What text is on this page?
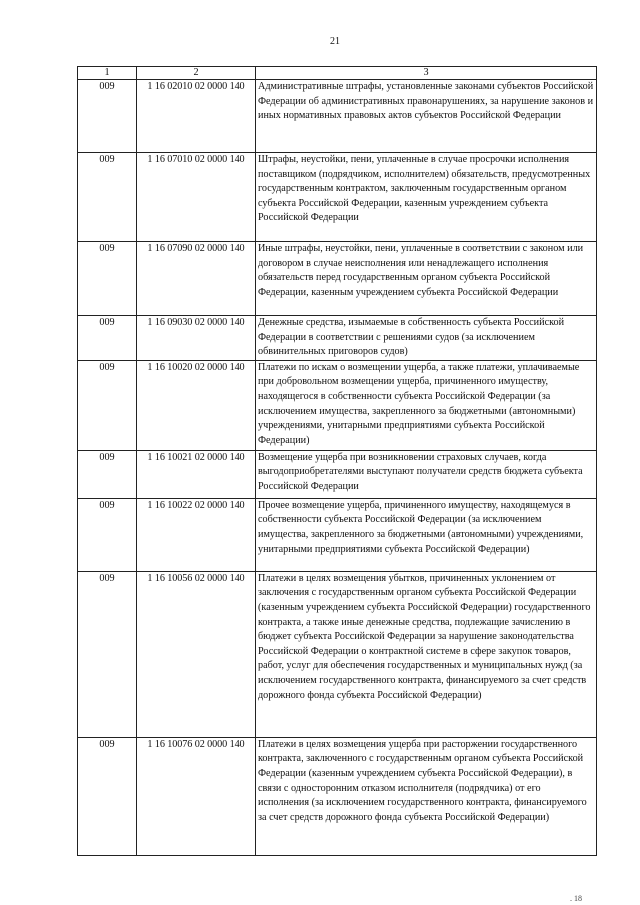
21
1	2	3
009	1 16 02010 02 0000 140	Административные штрафы, установленные законами субъектов Российской Федерации об административных правонарушениях, за нарушение законов и иных нормативных правовых актов субъектов Российской Федерации
009	1 16 07010 02 0000 140	Штрафы, неустойки, пени, уплаченные в случае просрочки исполнения поставщиком (подрядчиком, исполнителем) обязательств, предусмотренных государственным контрактом, заключенным государственным органом субъекта Российской Федерации, казенным учреждением субъекта Российской Федерации
009	1 16 07090 02 0000 140	Иные штрафы, неустойки, пени, уплаченные в соответствии с законом или договором в случае неисполнения или ненадлежащего исполнения обязательств перед государственным органом субъекта Российской Федерации, казенным учреждением субъекта Российской Федерации
009	1 16 09030 02 0000 140	Денежные средства, изымаемые в собственность субъекта Российской Федерации в соответствии с решениями судов (за исключением обвинительных приговоров судов)
009	1 16 10020 02 0000 140	Платежи по искам о возмещении ущерба, а также платежи, уплачиваемые при добровольном возмещении ущерба, причиненного имуществу, находящегося в собственности субъекта Российской Федерации (за исключением имущества, закрепленного за бюджетными (автономными) учреждениями, унитарными предприятиями субъекта Российской Федерации)
009	1 16 10021 02 0000 140	Возмещение ущерба при возникновении страховых случаев, когда выгодоприобретателями выступают получатели средств бюджета субъекта Российской Федерации
009	1 16 10022 02 0000 140	Прочее возмещение ущерба, причиненного имуществу, находящемуся в собственности субъекта Российской Федерации (за исключением имущества, закрепленного за бюджетными (автономными) учреждениями, унитарными предприятиями субъекта Российской Федерации)
009	1 16 10056 02 0000 140	Платежи в целях возмещения убытков, причиненных уклонением от заключения с государственным органом субъекта Российской Федерации (казенным учреждением субъекта Российской Федерации) государственного контракта, а также иные денежные средства, подлежащие зачислению в бюджет субъекта Российской Федерации за нарушение законодательства Российской Федерации о контрактной системе в сфере закупок товаров, работ, услуг для обеспечения государственных и муниципальных нужд (за исключением государственного контракта, финансируемого за счет средств дорожного фонда субъекта Российской Федерации)
009	1 16 10076 02 0000 140	Платежи в целях возмещения ущерба при расторжении государственного контракта, заключенного с государственным органом субъекта Российской Федерации (казенным учреждением субъекта Российской Федерации), в связи с односторонним отказом исполнителя (подрядчика) от его исполнения (за исключением государственного контракта, финансируемого за счет средств дорожного фонда субъекта Российской Федерации)
. 18
